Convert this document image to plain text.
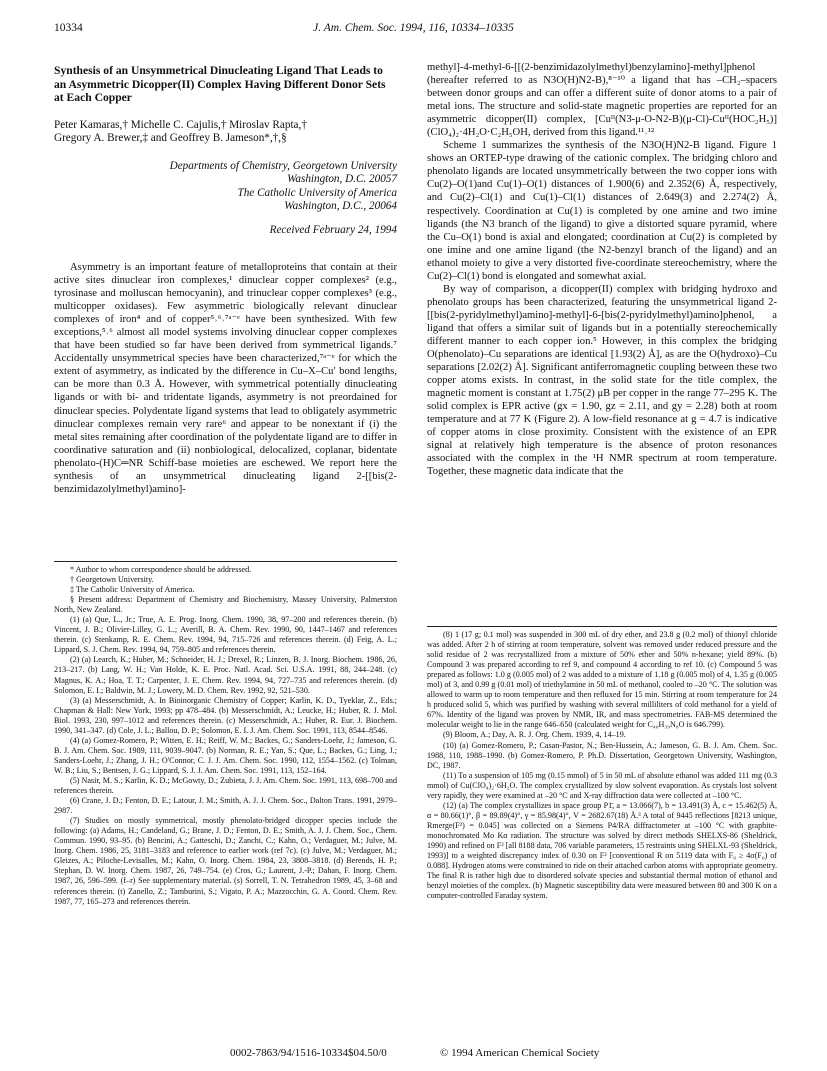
10334	J. Am. Chem. Soc. 1994, 116, 10334–10335
Synthesis of an Unsymmetrical Dinucleating Ligand That Leads to an Asymmetric Dicopper(II) Complex Having Different Donor Sets at Each Copper
Peter Kamaras,† Michelle C. Cajulis,† Miroslav Rapta,†
Gregory A. Brewer,‡ and Geoffrey B. Jameson*,†,§
Departments of Chemistry, Georgetown University
Washington, D.C. 20057
The Catholic University of America
Washington, D.C., 20064
Received February 24, 1994

Asymmetry is an important feature of metalloproteins that contain at their active sites dinuclear iron complexes,¹ dinuclear copper complexes² (e.g., tyrosinase and molluscan hemocyanin), and trinuclear copper complexes³ (e.g., multicopper oxidases). Few asymmetric biologically relevant dinuclear complexes of iron⁴ and of copper⁵˒⁶˒⁷ᵃ⁻ᵉ have been synthesized. With few exceptions,⁵˒⁶ almost all model systems involving dinuclear copper complexes that have been studied so far have been derived from symmetrical ligands.⁷ Accidentally unsymmetrical species have been characterized,⁷ᵃ⁻ᵉ for which the extent of asymmetry, as indicated by the difference in Cu–X–Cu′ bond lengths, can be more than 0.3 Å. However, with symmetrical potentially dinucleating ligands or with bi- and tridentate ligands, asymmetry is not preordained for dinuclear species. Polydentate ligand systems that lead to obligately asymmetric dinuclear complexes remain very rare⁶ and appear to be nonextant if (i) the metal sites remaining after coordination of the polydentate ligand are to differ in coordinative saturation and (ii) nonbiological, delocalized, coplanar, bidentate phenolato-(H)C═NR Schiff-base moieties are eschewed. We report here the synthesis of an unsymmetrical dinucleating ligand 2-[[bis(2-benzimidazolylmethyl)amino]-

* Author to whom correspondence should be addressed.

† Georgetown University.

‡ The Catholic University of America.

§ Present address: Department of Chemistry and Biochemistry, Massey University, Palmerston North, New Zealand.

(1) (a) Que, L., Jr.; True, A. E. Prog. Inorg. Chem. 1990, 38, 97–200 and references therein. (b) Vincent, J. B.; Olivier-Lilley, G. L.; Averill, B. A. Chem. Rev. 1990, 90, 1447–1467 and references therein. (c) Stenkamp, R. E. Chem. Rev. 1994, 94, 715–726 and references therein. (d) Feig, A. L.; Lippard, S. J. Chem. Rev. 1994, 94, 759–805 and references therein.

(2) (a) Learch, K.; Huber, M.; Schneider, H. J.; Drexel, R.; Linzen, B. J. Inorg. Biochem. 1986, 26, 213–217. (b) Lang, W. H.; Van Holde, K. E. Proc. Natl. Acad. Sci. U.S.A. 1991, 88, 244–248. (c) Magnus, K. A.; Hoa, T. T.; Carpenter, J. E. Chem. Rev. 1994, 94, 727–735 and references therein. (d) Solomon, E. I.; Baldwin, M. J.; Lowery, M. D. Chem. Rev. 1992, 92, 521–530.

(3) (a) Messerschmidt, A. In Bioinorganic Chemistry of Copper; Karlin, K. D., Tyeklar, Z., Eds.; Chapman & Hall: New York, 1993; pp 478–484. (b) Messerschmidt, A.; Leucke, H.; Huber, R. J. Mol. Biol. 1993, 230, 997–1012 and references therein. (c) Messerschmidt, A.; Huber, R. Eur. J. Biochem. 1990, 341–347. (d) Cole, J. L.; Ballou, D. P.; Solomon, E. I. J. Am. Chem. Soc. 1991, 113, 8544–8546.

(4) (a) Gomez-Romero, P.; Witten, E. H.; Reiff, W. M.; Backes, G.; Sanders-Loehr, J.; Jameson, G. B. J. Am. Chem. Soc. 1989, 111, 9039–9047. (b) Norman, R. E.; Yan, S.; Que, L.; Backes, G.; Ling, J.; Sanders-Loehr, J.; Zhang, J. H.; O'Connor, C. J. J. Am. Chem. Soc. 1990, 112, 1554–1562. (c) Tolman, W. B.; Liu, S.; Bentsen, J. G.; Lippard, S. J. J. Am. Chem. Soc. 1991, 113, 152–164.

(5) Nasir, M. S.; Karlin, K. D.; McGowty, D.; Zubieta, J. J. Am. Chem. Soc. 1991, 113, 698–700 and references therein.

(6) Crane, J. D.; Fenton, D. E.; Latour, J. M.; Smith, A. J. J. Chem. Soc., Dalton Trans. 1991, 2979–2987.

(7) Studies on mostly symmetrical, mostly phenolato-bridged dicopper species include the following: (a) Adams, H.; Candeland, G.; Brane, J. D.; Fenton, D. E.; Smith, A. J. J. Chem. Soc., Chem. Commun. 1990, 93–95. (b) Bencini, A.; Gatteschi, D.; Zanchi, C.; Kahn, O.; Verdaguer, M.; Julve, M. Inorg. Chem. 1986, 25, 3181–3183 and reference to earlier work (ref 7c). (c) Julve, M.; Verdaguer, M.; Gleizes, A.; Piloche-Levisalles, M.; Kahn, O. Inorg. Chem. 1984, 23, 3808–3818. (d) Berends, H. P.; Stephan, D. W. Inorg. Chem. 1987, 26, 749–754. (e) Cros, G.; Laurent, J.-P.; Dahan, F. Inorg. Chem. 1987, 26, 596–599. (f–r) See supplementary material. (s) Sorrell, T. N. Tetrahedron 1989, 45, 3–68 and references therein. (t) Zanello, Z.; Tamburini, S.; Vigato, P. A.; Mazzocchin, G. A. Coord. Chem. Rev. 1987, 77, 165–273 and references therein.

methyl]-4-methyl-6-[[(2-benzimidazolylmethyl)benzylamino]-methyl]phenol (hereafter referred to as N3O(H)N2-B),⁸⁻¹⁰ a ligand that has –CH₂–spacers between donor groups and can offer a different suite of donor atoms to a pair of metal ions. The structure and solid-state magnetic properties are reported for an asymmetric dicopper(II) complex, [Cuᴵᴵ(N3-μ-O-N2-B)(μ-Cl)-Cuᴵᴵ(HOC₂H₅)](ClO₄)₂·4H₂O·C₂H₅OH, derived from this ligand.¹¹˒¹²

Scheme 1 summarizes the synthesis of the N3O(H)N2-B ligand. Figure 1 shows an ORTEP-type drawing of the cationic complex. The bridging chloro and phenolato ligands are located unsymmetrically between the two copper ions with Cu(2)–O(1)and Cu(1)–O(1) distances of 1.900(6) and 2.352(6) Å, respectively, and Cu(2)–Cl(1) and Cu(1)–Cl(1) distances of 2.649(3) and 2.274(2) Å, respectively. Coordination at Cu(1) is completed by one amine and two imine ligands (the N3 branch of the ligand) to give a distorted square pyramid, where the Cu–O(1) bond is axial and elongated; coordination at Cu(2) is completed by one imine and one amine ligand (the N2-benzyl branch of the ligand) and an ethanol moiety to give a very distorted five-coordinate stereochemistry, where the Cu(2)–Cl(1) bond is elongated and somewhat axial.

By way of comparison, a dicopper(II) complex with bridging hydroxo and phenolato groups has been characterized, featuring the unsymmetrical ligand 2-[[bis(2-pyridylmethyl)amino]-methyl]-6-[bis(2-pyridylmethyl)amino]phenol, a ligand that offers a similar suit of ligands but in a potentially stereochemically different manner to each copper ion.⁵ However, in this complex the bridging O(phenolato)–Cu separations are identical [1.93(2) Å], as are the O(hydroxo)–Cu separations [2.02(2) Å]. Significant antiferromagnetic coupling between these two copper atoms exists. In contrast, in the solid state for the title complex, the magnetic moment is constant at 1.75(2) μB per copper in the range 77–295 K. The solid complex is EPR active (gx = 1.90, gz = 2.11, and gy = 2.28) both at room temperature and at 77 K (Figure 2). A low-field resonance at g = 4.7 is indicative of copper atoms in close proximity. Consistent with the existence of an EPR signal at relatively high temperature is the absence of proton resonances associated with the complex in the ¹H NMR spectrum at room temperature. Together, these magnetic data indicate that the

(8) 1 (17 g; 0.1 mol) was suspended in 300 mL of dry ether, and 23.8 g (0.2 mol) of thionyl chloride was added. After 2 h of stirring at room temperature, solvent was removed under reduced pressure and the solid residue of 2 was recrystallized from a mixture of 50% ether and 50% n-hexane; yield 89%. (b) Compound 3 was prepared according to ref 9, and compound 4 according to ref 10. (c) Compound 5 was prepared as follows: 1.0 g (0.005 mol) of 2 was added to a mixture of 1.18 g (0.005 mol) of 4, 1.35 g (0.005 mol) of 3, and 0.99 g (0.01 mol) of triethylamine in 50 mL of methanol, cooled to –20 °C. The solution was allowed to warm up to room temperature and then refluxed for 15 min. Stirring at room temperature for 24 h produced solid 5, which was purified by washing with several milliliters of cold methanol for a yield of 67%. Identity of the ligand was proven by NMR, IR, and mass spectrometries. FAB-MS determined the molecular weight to lie in the range 646–650 (calculated weight for C₄₀H₃₉N₈O is 646.799).

(9) Bloom, A.; Day, A. R. J. Org. Chem. 1939, 4, 14–19.

(10) (a) Gomez-Romero, P.; Casan-Pastor, N.; Ben-Hussein, A.; Jameson, G. B. J. Am. Chem. Soc. 1988, 110, 1988–1990. (b) Gomez-Romero, P. Ph.D. Dissertation, Georgetown University, Washington, DC, 1987.

(11) To a suspension of 105 mg (0.15 mmol) of 5 in 50 mL of absolute ethanol was added 111 mg (0.3 mmol) of Cu(ClO₄)₂·6H₂O. The complex crystallized by slow solvent evaporation. As crystals lost solvent very rapidly, they were examined at –20 °C and X-ray diffraction data were collected at –100 °C.

(12) (a) The complex crystallizes in space group P1̄, a = 13.066(7), b = 13.491(3) Å, c = 15.462(5) Å, α = 80.66(1)°, β = 89.89(4)°, γ = 85.98(4)°, V = 2682.67(18) Å.³ A total of 9445 reflections [8213 unique, Rmerge(F²) = 0.045] was collected on a Siemens P4/RA diffractometer at –100 °C with graphite-monochromated Mo Kα radiation. The structure was solved by direct methods SHELXS-86 (Sheldrick, 1990) and refined on F² [all 8188 data, 706 variable parameters, 15 restraints using SHELXL-93 (Sheldrick, 1993)] to a weighted discrepancy index of 0.30 on F² [conventional R on 5119 data with F₀ ≥ 4σ(F₀) of 0.088]. Hydrogen atoms were constrained to ride on their attached carbon atoms with appropriate geometry. The final R is rather high due to disordered solvate species and substantial thermal motion of ethanol and benzyl moieties of the complex. (b) Magnetic susceptibility data were measured between 80 and 300 K on a computer-controlled Faraday system.

0002-7863/94/1516-10334$04.50/0	© 1994 American Chemical Society
